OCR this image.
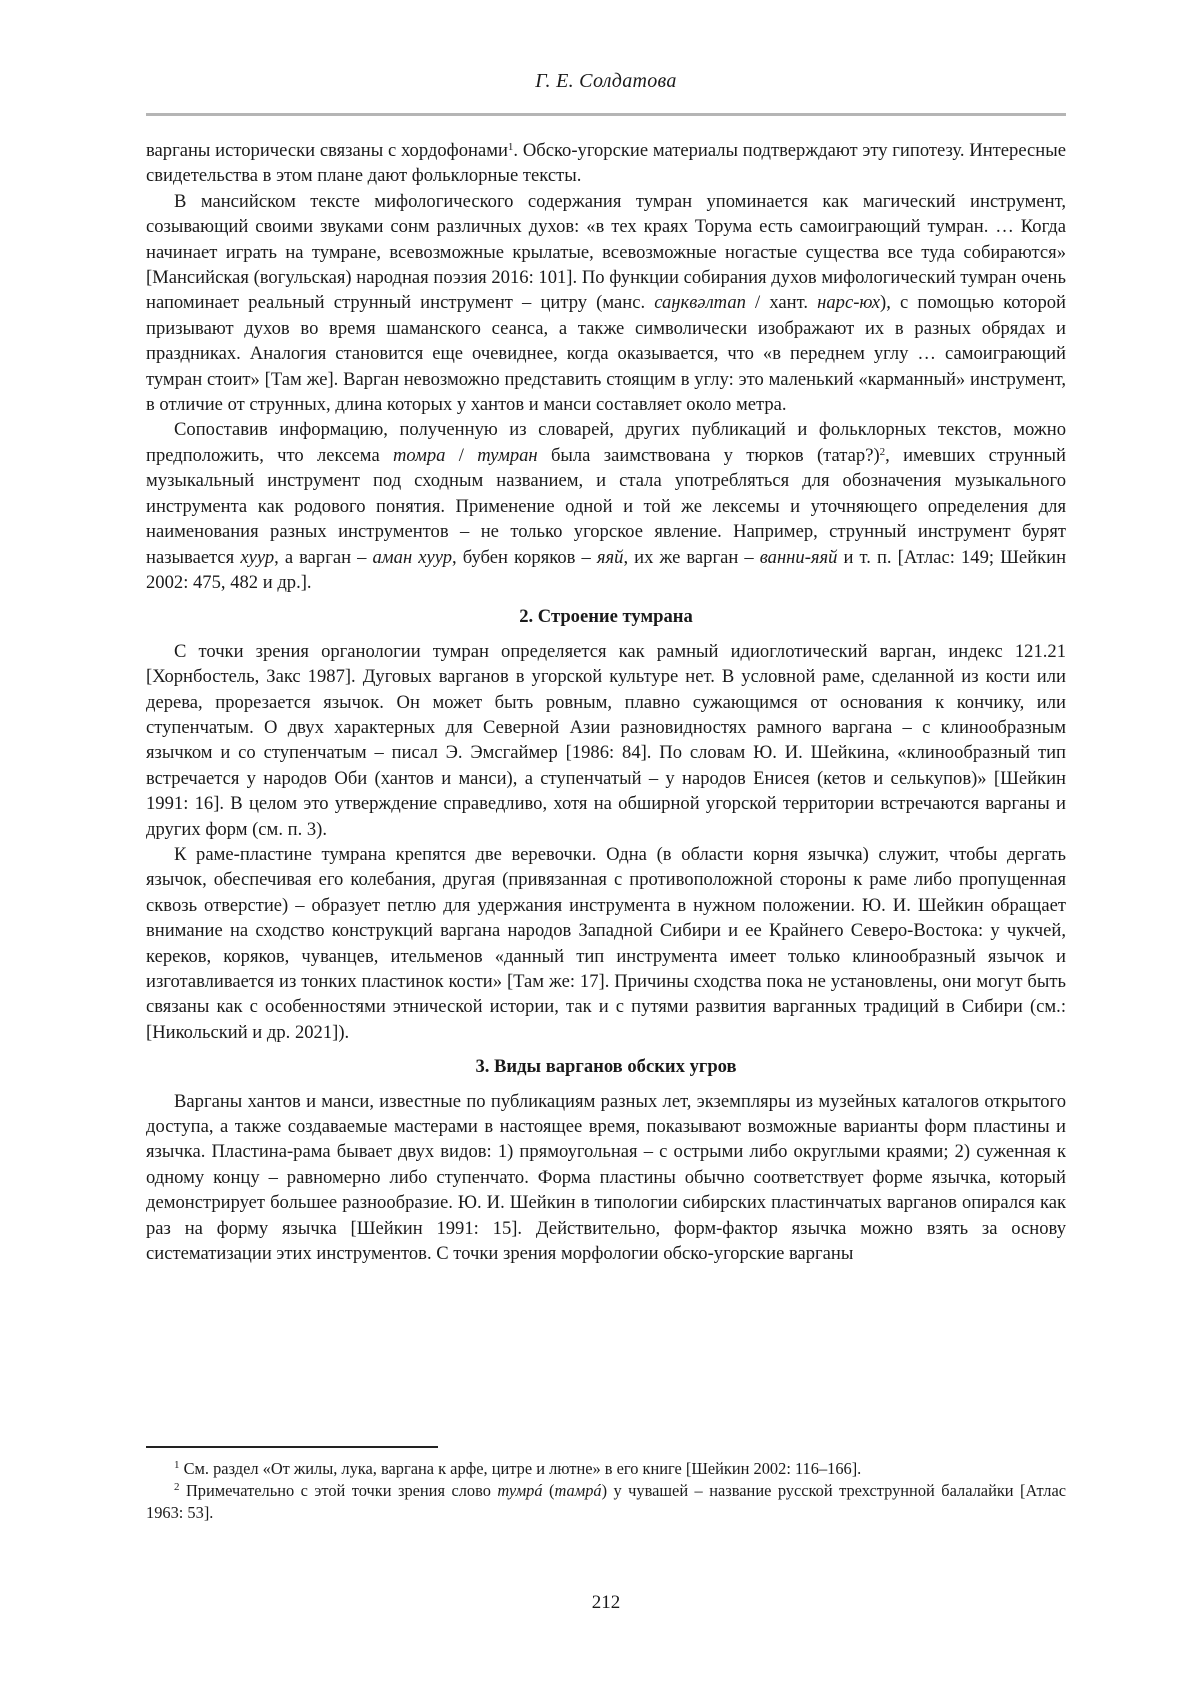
Г. Е. Солдатова

варганы исторически связаны с хордофонами$^1$. Обско-угорские материалы подтверждают эту гипотезу. Интересные свидетельства в этом плане дают фольклорные тексты.

В мансийском тексте мифологического содержания тумран упоминается как магический инструмент, созывающий своими звуками сонм различных духов: «в тех краях Торума есть самоиграющий тумран. … Когда начинает играть на тумране, всевозможные крылатые, всевозможные ногастые существа все туда собираются» [Мансийская (вогульская) народная поэзия 2016: 101]. По функции собирания духов мифологический тумран очень напоминает реальный струнный инструмент – цитру (манс. саӈквәлтап / хант. нарс-юх), с помощью которой призывают духов во время шаманского сеанса, а также символически изображают их в разных обрядах и праздниках. Аналогия становится еще очевиднее, когда оказывается, что «в переднем углу … самоиграющий тумран стоит» [Там же]. Варган невозможно представить стоящим в углу: это маленький «карманный» инструмент, в отличие от струнных, длина которых у хантов и манси составляет около метра.

Сопоставив информацию, полученную из словарей, других публикаций и фольклорных текстов, можно предположить, что лексема томра / тумран была заимствована у тюрков (татар?)$^2$, имевших струнный музыкальный инструмент под сходным названием, и стала употребляться для обозначения музыкального инструмента как родового понятия. Применение одной и той же лексемы и уточняющего определения для наименования разных инструментов – не только угорское явление. Например, струнный инструмент бурят называется хуур, а варган – аман хуур, бубен коряков – яяй, их же варган – ванни-яяй и т. п. [Атлас: 149; Шейкин 2002: 475, 482 и др.].

2. Строение тумрана

С точки зрения органологии тумран определяется как рамный идиоглотический варган, индекс 121.21 [Хорнбостель, Закс 1987]. Дуговых варганов в угорской культуре нет. В условной раме, сделанной из кости или дерева, прорезается язычок. Он может быть ровным, плавно сужающимся от основания к кончику, или ступенчатым. О двух характерных для Северной Азии разновидностях рамного варгана – с клинообразным язычком и со ступенчатым – писал Э. Эмсгаймер [1986: 84]. По словам Ю. И. Шейкина, «клинообразный тип встречается у народов Оби (хантов и манси), а ступенчатый – у народов Енисея (кетов и селькупов)» [Шейкин 1991: 16]. В целом это утверждение справедливо, хотя на обширной угорской территории встречаются варганы и других форм (см. п. 3).

К раме-пластине тумрана крепятся две веревочки. Одна (в области корня язычка) служит, чтобы дергать язычок, обеспечивая его колебания, другая (привязанная с противоположной стороны к раме либо пропущенная сквозь отверстие) – образует петлю для удержания инструмента в нужном положении. Ю. И. Шейкин обращает внимание на сходство конструкций варгана народов Западной Сибири и ее Крайнего Северо-Востока: у чукчей, кереков, коряков, чуванцев, ительменов «данный тип инструмента имеет только клинообразный язычок и изготавливается из тонких пластинок кости» [Там же: 17]. Причины сходства пока не установлены, они могут быть связаны как с особенностями этнической истории, так и с путями развития варганных традиций в Сибири (см.: [Никольский и др. 2021]).

3. Виды варганов обских угров

Варганы хантов и манси, известные по публикациям разных лет, экземпляры из музейных каталогов открытого доступа, а также создаваемые мастерами в настоящее время, показывают возможные варианты форм пластины и язычка. Пластина-рама бывает двух видов: 1) прямоугольная – с острыми либо округлыми краями; 2) суженная к одному концу – равномерно либо ступенчато. Форма пластины обычно соответствует форме язычка, который демонстрирует большее разнообразие. Ю. И. Шейкин в типологии сибирских пластинчатых варганов опирался как раз на форму язычка [Шейкин 1991: 15]. Действительно, форм-фактор язычка можно взять за основу систематизации этих инструментов. С точки зрения морфологии обско-угорские варганы

$^1$ См. раздел «От жилы, лука, варгана к арфе, цитре и лютне» в его книге [Шейкин 2002: 116–166].

$^2$ Примечательно с этой точки зрения слово тумрá (тамрá) у чувашей – название русской трехструнной балалайки [Атлас 1963: 53].

212
